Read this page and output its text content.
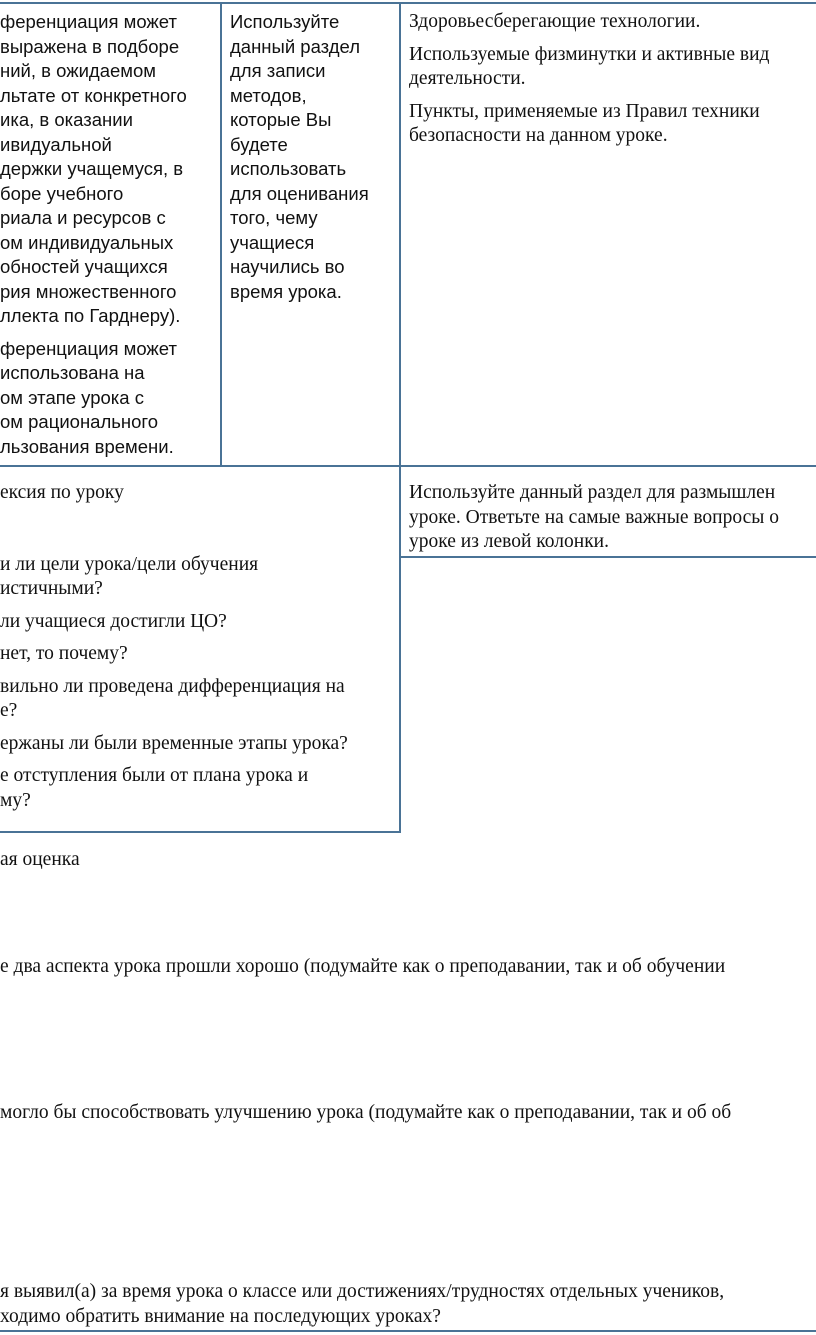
ференциация может

выражена в подборе

ний, в ожидаемом

льтате от конкретного

ика, в оказании

ивидуальной

держки учащемуся, в

боре учебного

риала и ресурсов с

ом индивидуальных

обностей учащихся

рия множественного

ллекта по Гарднеру).

ференциация может

использована на

ом этапе урока с

ом рационального

льзования времени.

Используйте

данный раздел

для записи

методов,

которые Вы

будете

использовать

для оценивания

того, чему

учащиеся

научились во

время урока.

Здоровьесберегающие технологии.

Используемые физминутки и активные вид

деятельности.

Пункты, применяемые из Правил техники

безопасности на данном уроке.

ексия по уроку

и ли цели урока/цели обучения

истичными?

ли учащиеся достигли ЦО?

нет, то почему?

вильно ли проведена дифференциация на

е?

ержаны ли были временные этапы урока?

е отступления были от плана урока и

му?

Используйте данный раздел для размышлен

уроке. Ответьте на самые важные вопросы о

уроке из левой колонки.

ая оценка

е два аспекта урока прошли хорошо (подумайте как о преподавании, так и об обучении

могло бы способствовать улучшению урока (подумайте как о преподавании, так и об об

я выявил(а) за время урока о классе или достижениях/трудностях отдельных учеников,

ходимо обратить внимание на последующих уроках?
